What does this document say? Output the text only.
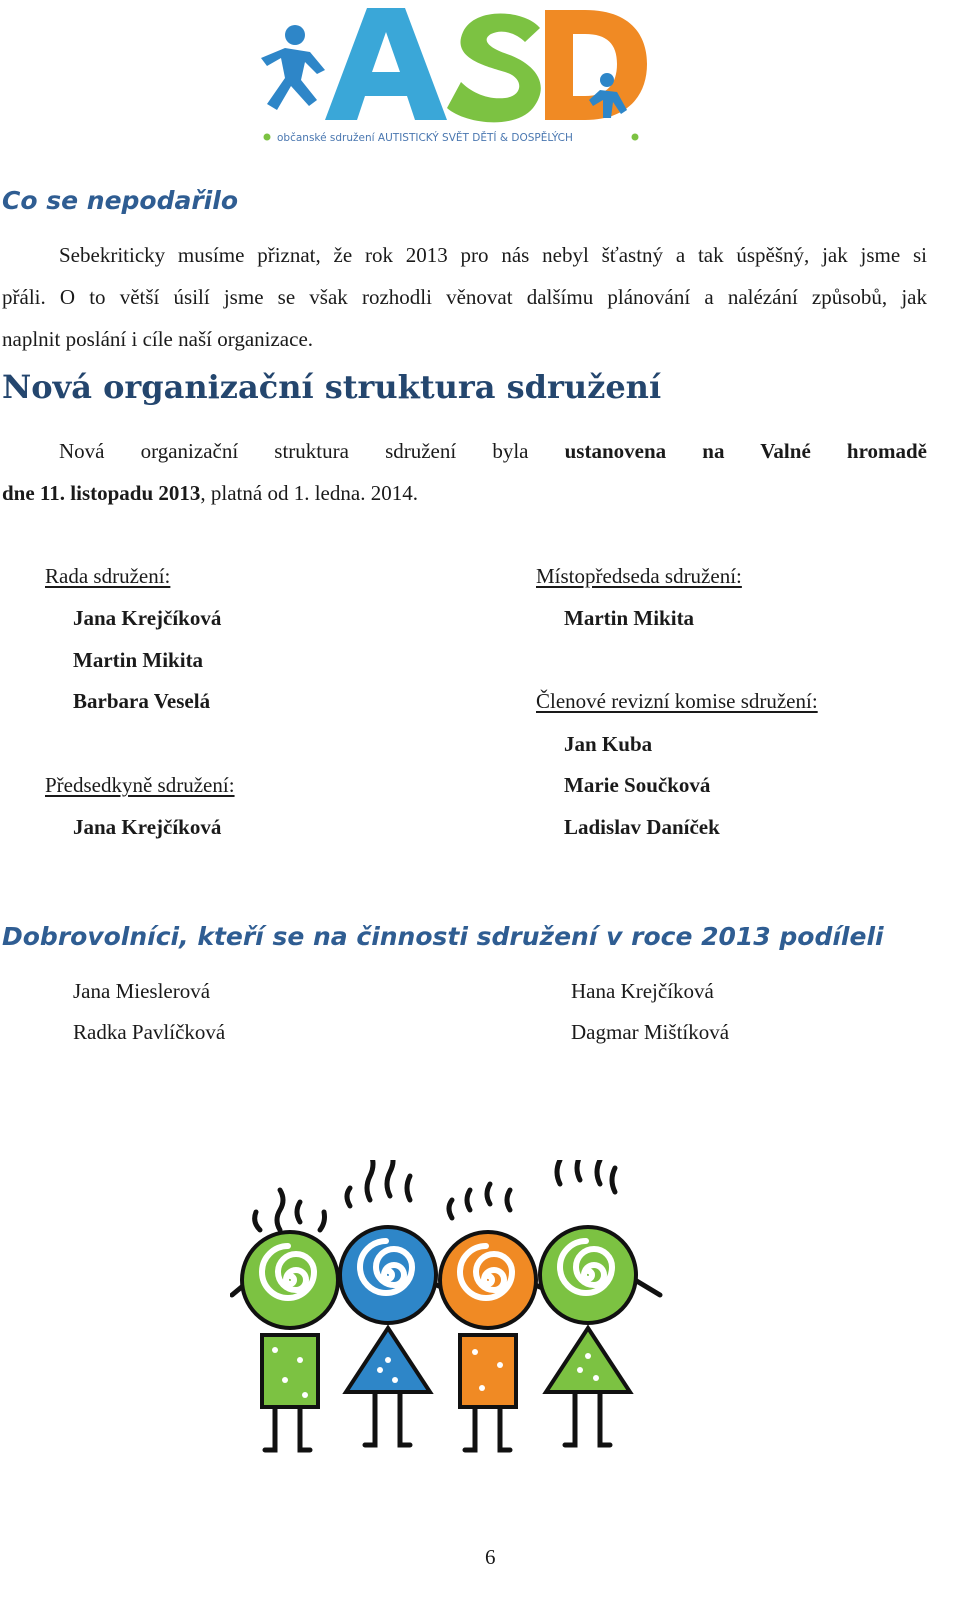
občanské sdružení AUTISTICKÝ SVĚT DĚTÍ & DOSPĚLÝCH
Co se nepodařilo
Sebekriticky musíme přiznat, že rok 2013 pro nás nebyl šťastný a tak úspěšný, jak jsme si
přáli. O to větší úsilí jsme se však rozhodli věnovat dalšímu plánování a nalézání způsobů, jak
naplnit poslání i cíle naší organizace.
Nová organizační struktura sdružení
Nová organizační struktura sdružení byla ustanovena na Valné hromadě
dne 11. listopadu 2013, platná od 1. ledna. 2014.
Rada sdružení:
Jana Krejčíková
Martin Mikita
Barbara Veselá
Předsedkyně sdružení:
Jana Krejčíková
Místopředseda sdružení:
Martin Mikita
Členové revizní komise sdružení:
Jan Kuba
Marie Součková
Ladislav Daníček
Dobrovolníci, kteří se na činnosti sdružení v roce 2013 podíleli
Jana Mieslerová
Radka Pavlíčková
Hana Krejčíková
Dagmar Mištíková
6
